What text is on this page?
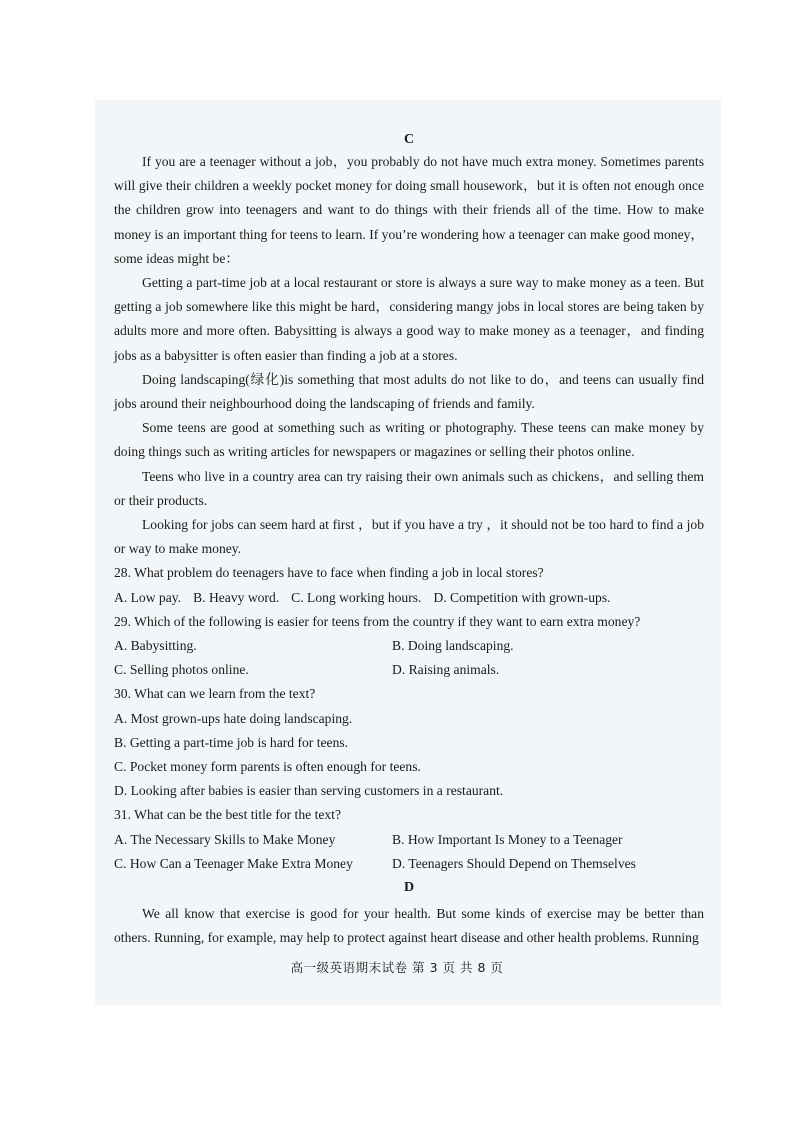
C

If you are a teenager without a job，you probably do not have much extra money. Sometimes parents will give their children a weekly pocket money for doing small housework，but it is often not enough once the children grow into teenagers and want to do things with their friends all of the time. How to make money is an important thing for teens to learn. If you’re wondering how a teenager can make good money，some ideas might be：

Getting a part-time job at a local restaurant or store is always a sure way to make money as a teen. But getting a job somewhere like this might be hard，considering mangy jobs in local stores are being taken by adults more and more often. Babysitting is always a good way to make money as a teenager，and finding jobs as a babysitter is often easier than finding a job at a stores.

Doing landscaping(绿化)is something that most adults do not like to do，and teens can usually find jobs around their neighbourhood doing the landscaping of friends and family.

Some teens are good at something such as writing or photography. These teens can make money by doing things such as writing articles for newspapers or magazines or selling their photos online.

Teens who live in a country area can try raising their own animals such as chickens，and selling them or their products.

Looking for jobs can seem hard at first ，but if you have a try ，it should not be too hard to find a job or way to make money.

28. What problem do teenagers have to face when finding a job in local stores?

A. Low pay. B. Heavy word. C. Long working hours. D. Competition with grown-ups.

29. Which of the following is easier for teens from the country if they want to earn extra money?

A. Babysitting.	B. Doing landscaping.
C. Selling photos online.	D. Raising animals.

30. What can we learn from the text?

A. Most grown-ups hate doing landscaping.

B. Getting a part-time job is hard for teens.

C. Pocket money form parents is often enough for teens.

D. Looking after babies is easier than serving customers in a restaurant.

31. What can be the best title for the text?

A. The Necessary Skills to Make Money	B. How Important Is Money to a Teenager
C. How Can a Teenager Make Extra Money	D. Teenagers Should Depend on Themselves
D

We all know that exercise is good for your health. But some kinds of exercise may be better than others. Running, for example, may help to protect against heart disease and other health problems. Running

高一级英语期末试卷 第 3 页 共 8 页
